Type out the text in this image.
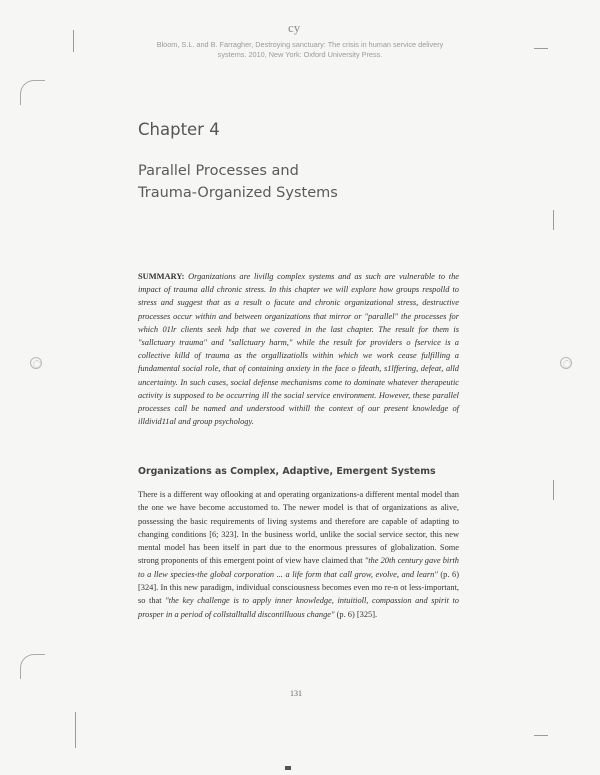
cy
Bloom, S.L. and B. Farragher, Destroying sanctuary: The crisis in human service delivery
systems. 2010, New York: Oxford University Press.
Chapter 4
Parallel Processes and
Trauma-Organized Systems
SUMMARY: Organizations are livillg complex systems and as such are vulnerable to the impact of trauma alld chronic stress. In this chapter we will explore how groups respolld to stress and suggest that as a result o facute and chronic organizational stress, destructive processes occur within and between organizations that mirror or "parallel" the processes for which 01lr clients seek hdp that we covered in the last chapter. The result for them is "sallctuary trauma" and "sallctuary harm," while the result for providers o fservice is a collective killd of trauma as the orgallizatiolls within which we work cease fulfilling a fundamental social role, that of containing anxiety in the face o fdeath, s1lffering, defeat, alld uncertainty. In such cases, social defense mechanisms come to dominate whatever therapeutic activity is supposed to be occurring ill the social service environment. However, these parallel processes call be named and understood withill the context of our present knowledge of illdivid11al and group psychology.
Organizations as Complex, Adaptive, Emergent Systems
There is a different way oflooking at and operating organizations-a different mental model than the one we have become accustomed to. The newer model is that of organizations as alive, possessing the basic requirements of living systems and therefore are capable of adapting to changing conditions [6; 323]. In the business world, unlike the social service sector, this new mental model has been itself in part due to the enormous pressures of globalization. Some strong proponents of this emergent point of view have claimed that "the 20th century gave birth to a llew species-the global corporation ... a life form that call grow, evolve, and learn" (p. 6) [324]. In this new paradigm, individual consciousness becomes even mo re-n ot less-important, so that "the key challenge is to apply inner knowledge, intuitioll, compassion and spirit to prosper in a period of collstalltalld discontilluous change" (p. 6) [325].
131
